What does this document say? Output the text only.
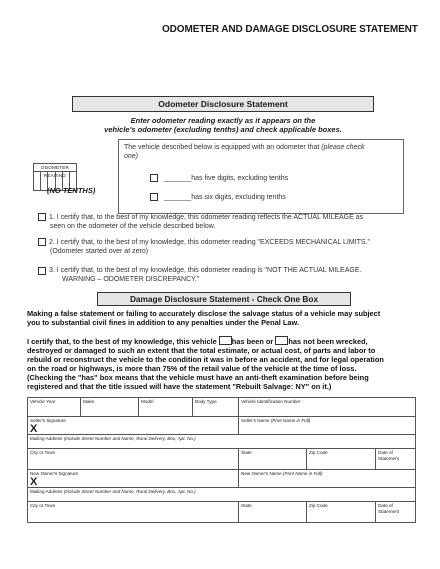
ODOMETER AND DAMAGE DISCLOSURE STATEMENT
Odometer Disclosure Statement
Enter odometer reading exactly as it appears on the
vehicle's odometer (excluding tenths) and check applicable boxes.
ODOMETER READING
(NO TENTHS)
The vehicle described below is equipped with an odometer that (please check
one)
_______has five digits, excluding tenths
_______has six digits, excluding tenths
1. I certify that, to the best of my knowledge, this odometer reading reflects the ACTUAL MILEAGE as
seen on the odometer of the vehicle described below.
2. I certify that, to the best of my knowledge, this odometer reading "EXCEEDS MECHANICAL LIMITS."
(Odometer started over at zero)
3. I certify that, to the best of my knowledge, this odometer reading is "NOT THE ACTUAL MILEAGE.
WARNING – ODOMETER DISCREPANCY."
Damage Disclosure Statement - Check One Box
Making a false statement or failing to accurately disclose the salvage status of a vehicle may subject
you to substantial civil fines in addition to any penalties under the Penal Law.
I certify that, to the best of my knowledge, this vehicle has been or has not been wrecked,
destroyed or damaged to such an extent that the total estimate, or actual cost, of parts and labor to
rebuild or reconstruct the vehicle to the condition it was in before an accident, and for legal operation
on the road or highways, is more than 75% of the retail value of the vehicle at the time of loss.
(Checking the "has" box means that the vehicle must have an anti-theft examination before being
registered and that the title issued will have the statement "Rebuilt Salvage: NY" on it.)
Vehicle Year	Make	Model	Body Type	Vehicle Identification Number		
Seller's Signature
X				Seller's Name (Print Name in Full)		
Mailing Address (Include Street Number and Name, Rural Delivery, Box, Apt. No.)						
City or Town				State	Zip Code	Date of Statement
New Owner's Signature
X				New Owner's Name (Print Name in Full)		
Mailing Address (Include Street Number and Name, Rural Delivery, Box, Apt. No.)						
City or Town				State	Zip Code	Date of Statement
